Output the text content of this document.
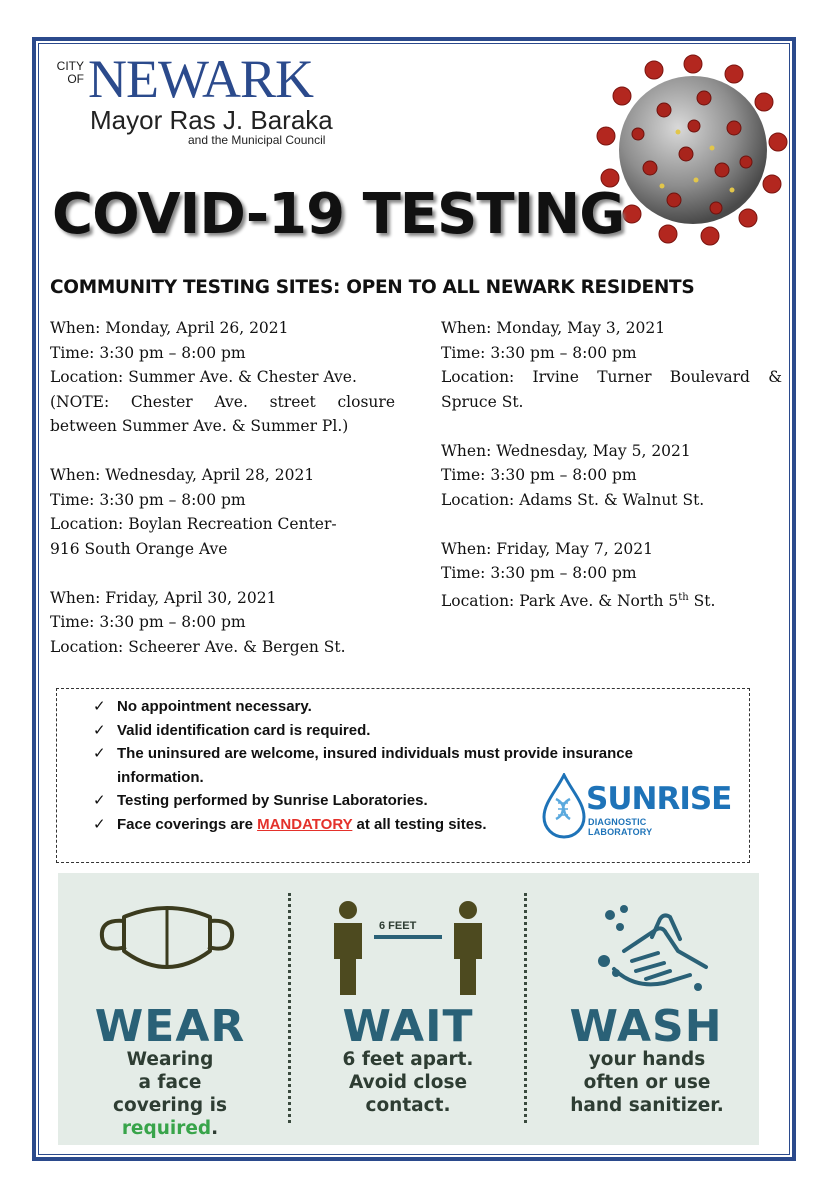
CITY
OF NEWARK
Mayor Ras J. Baraka
and the Municipal Council
COVID-19 TESTING
COMMUNITY TESTING SITES: OPEN TO ALL NEWARK RESIDENTS
When: Monday, April 26, 2021
Time: 3:30 pm – 8:00 pm
Location: Summer Ave. & Chester Ave.
(NOTE: Chester Ave. street closure between Summer Ave. & Summer Pl.)
When: Wednesday, April 28, 2021
Time: 3:30 pm – 8:00 pm
Location: Boylan Recreation Center-
916 South Orange Ave
When: Friday, April 30, 2021
Time: 3:30 pm – 8:00 pm
Location: Scheerer Ave. & Bergen St.
When: Monday, May 3, 2021
Time: 3:30 pm – 8:00 pm
Location: Irvine Turner Boulevard &
Spruce St.
When: Wednesday, May 5, 2021
Time: 3:30 pm – 8:00 pm
Location: Adams St. & Walnut St.
When: Friday, May 7, 2021
Time: 3:30 pm – 8:00 pm
Location: Park Ave. & North 5th St.
✓ No appointment necessary.
✓ Valid identification card is required.
✓ The uninsured are welcome, insured individuals must provide insurance information.
✓ Testing performed by Sunrise Laboratories.
✓ Face coverings are MANDATORY at all testing sites.
SUNRISE
DIAGNOSTIC LABORATORY
WEAR
Wearing
a face
covering is
required.
6 FEET
WAIT
6 feet apart.
Avoid close
contact.
WASH
your hands
often or use
hand sanitizer.
